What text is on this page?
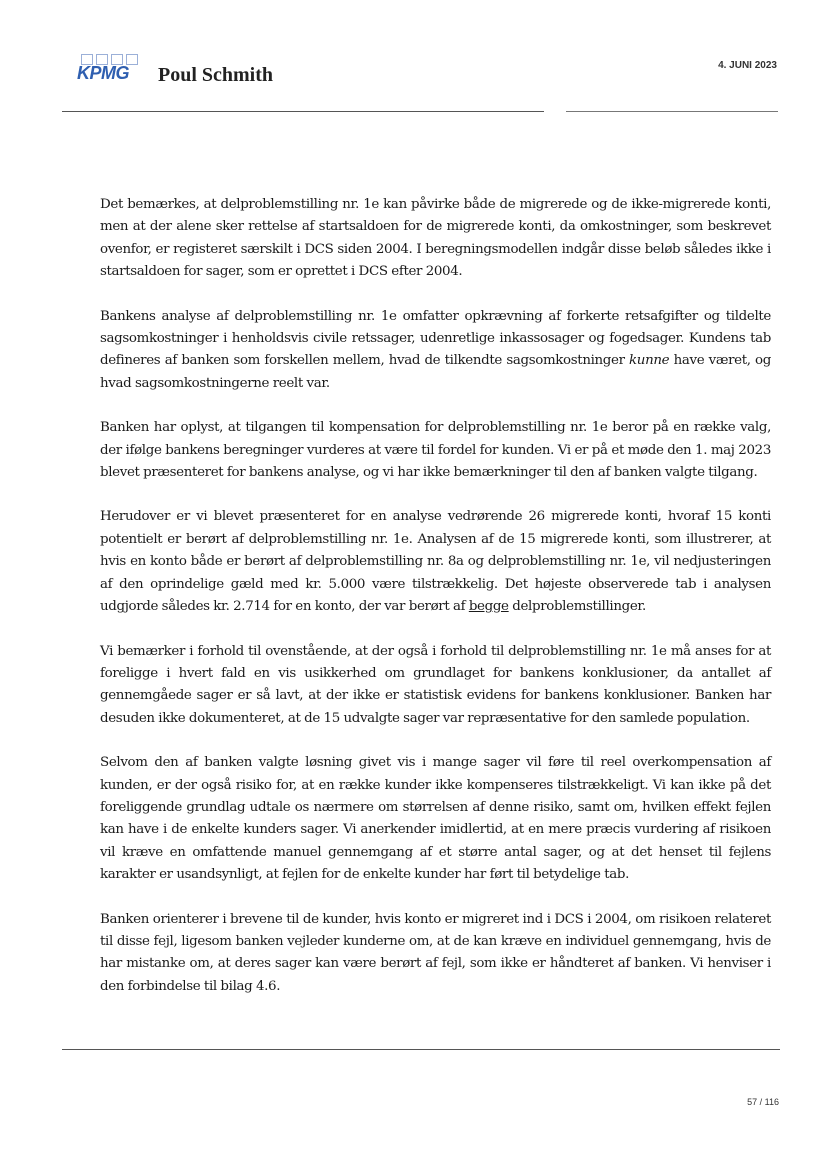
KPMG Poul Schmith	4. JUNI 2023

Det bemærkes, at delproblemstilling nr. 1e kan påvirke både de migrerede og de ikke-migrerede konti, men at der alene sker rettelse af startsaldoen for de migrerede konti, da omkostninger, som beskrevet ovenfor, er registeret særskilt i DCS siden 2004. I beregningsmodellen indgår disse beløb således ikke i startsaldoen for sager, som er oprettet i DCS efter 2004.

Bankens analyse af delproblemstilling nr. 1e omfatter opkrævning af forkerte retsafgifter og tildelte sagsomkostninger i henholdsvis civile retssager, udenretlige inkassosager og fogedsager. Kundens tab defineres af banken som forskellen mellem, hvad de tilkendte sagsomkostninger kunne have været, og hvad sagsomkostningerne reelt var.

Banken har oplyst, at tilgangen til kompensation for delproblemstilling nr. 1e beror på en række valg, der ifølge bankens beregninger vurderes at være til fordel for kunden. Vi er på et møde den 1. maj 2023 blevet præsenteret for bankens analyse, og vi har ikke bemærkninger til den af banken valgte tilgang.

Herudover er vi blevet præsenteret for en analyse vedrørende 26 migrerede konti, hvoraf 15 konti potentielt er berørt af delproblemstilling nr. 1e. Analysen af de 15 migrerede konti, som illustrerer, at hvis en konto både er berørt af delproblemstilling nr. 8a og delproblemstilling nr. 1e, vil nedjusteringen af den oprindelige gæld med kr. 5.000 være tilstrækkelig. Det højeste observerede tab i analysen udgjorde således kr. 2.714 for en konto, der var berørt af begge delproblemstillinger.

Vi bemærker i forhold til ovenstående, at der også i forhold til delproblemstilling nr. 1e må anses for at foreligge i hvert fald en vis usikkerhed om grundlaget for bankens konklusioner, da antallet af gennemgåede sager er så lavt, at der ikke er statistisk evidens for bankens konklusioner. Banken har desuden ikke dokumenteret, at de 15 udvalgte sager var repræsentative for den samlede population.

Selvom den af banken valgte løsning givet vis i mange sager vil føre til reel overkompensation af kunden, er der også risiko for, at en række kunder ikke kompenseres tilstrækkeligt. Vi kan ikke på det foreliggende grundlag udtale os nærmere om størrelsen af denne risiko, samt om, hvilken effekt fejlen kan have i de enkelte kunders sager. Vi anerkender imidlertid, at en mere præcis vurdering af risikoen vil kræve en omfattende manuel gennemgang af et større antal sager, og at det henset til fejlens karakter er usandsynligt, at fejlen for de enkelte kunder har ført til betydelige tab.

Banken orienterer i brevene til de kunder, hvis konto er migreret ind i DCS i 2004, om risikoen relateret til disse fejl, ligesom banken vejleder kunderne om, at de kan kræve en individuel gennemgang, hvis de har mistanke om, at deres sager kan være berørt af fejl, som ikke er håndteret af banken. Vi henviser i den forbindelse til bilag 4.6.

57 / 116
